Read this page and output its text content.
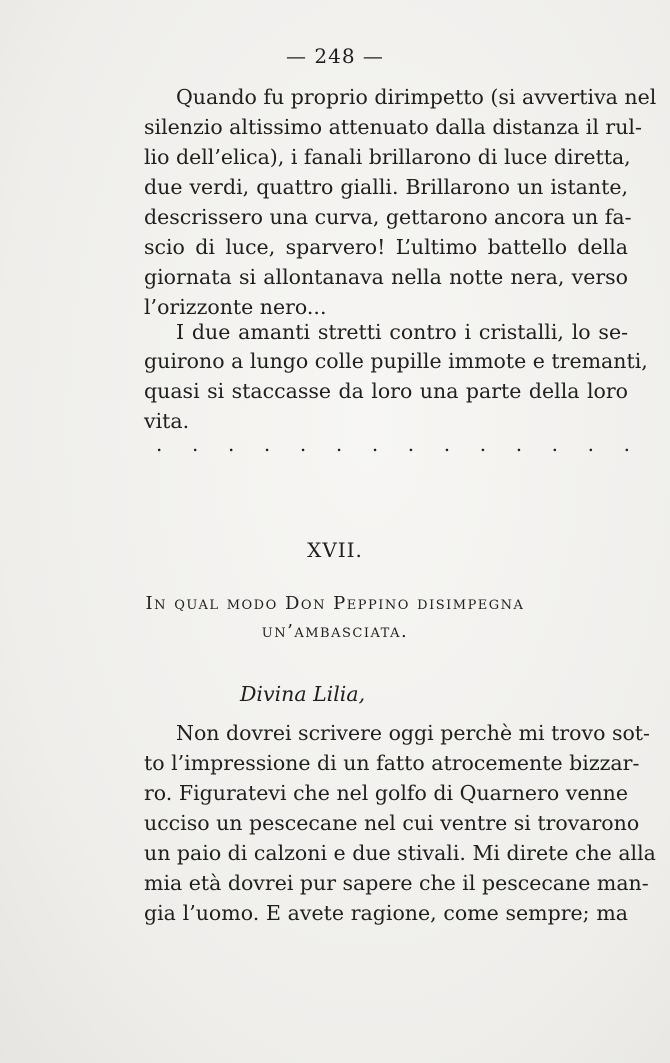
— 248 —
Quando fu proprio dirimpetto (si avvertiva nel
silenzio altissimo attenuato dalla distanza il rul-
lio dell’elica), i fanali brillarono di luce diretta,
due verdi, quattro gialli. Brillarono un istante,
descrissero una curva, gettarono ancora un fa-
scio di luce, sparvero! L’ultimo battello della
giornata si allontanava nella notte nera, verso
l’orizzonte nero...
I due amanti stretti contro i cristalli, lo se-
guirono a lungo colle pupille immote e tremanti,
quasi si staccasse da loro una parte della loro
vita.
. . . . . . . . . . . . . .
XVII.
In qual modo Don Peppino disimpegna
un’ambasciata.
Divina Lilia,
Non dovrei scrivere oggi perchè mi trovo sot-
to l’impressione di un fatto atrocemente bizzar-
ro. Figuratevi che nel golfo di Quarnero venne
ucciso un pescecane nel cui ventre si trovarono
un paio di calzoni e due stivali. Mi direte che alla
mia età dovrei pur sapere che il pescecane man-
gia l’uomo. E avete ragione, come sempre; ma
